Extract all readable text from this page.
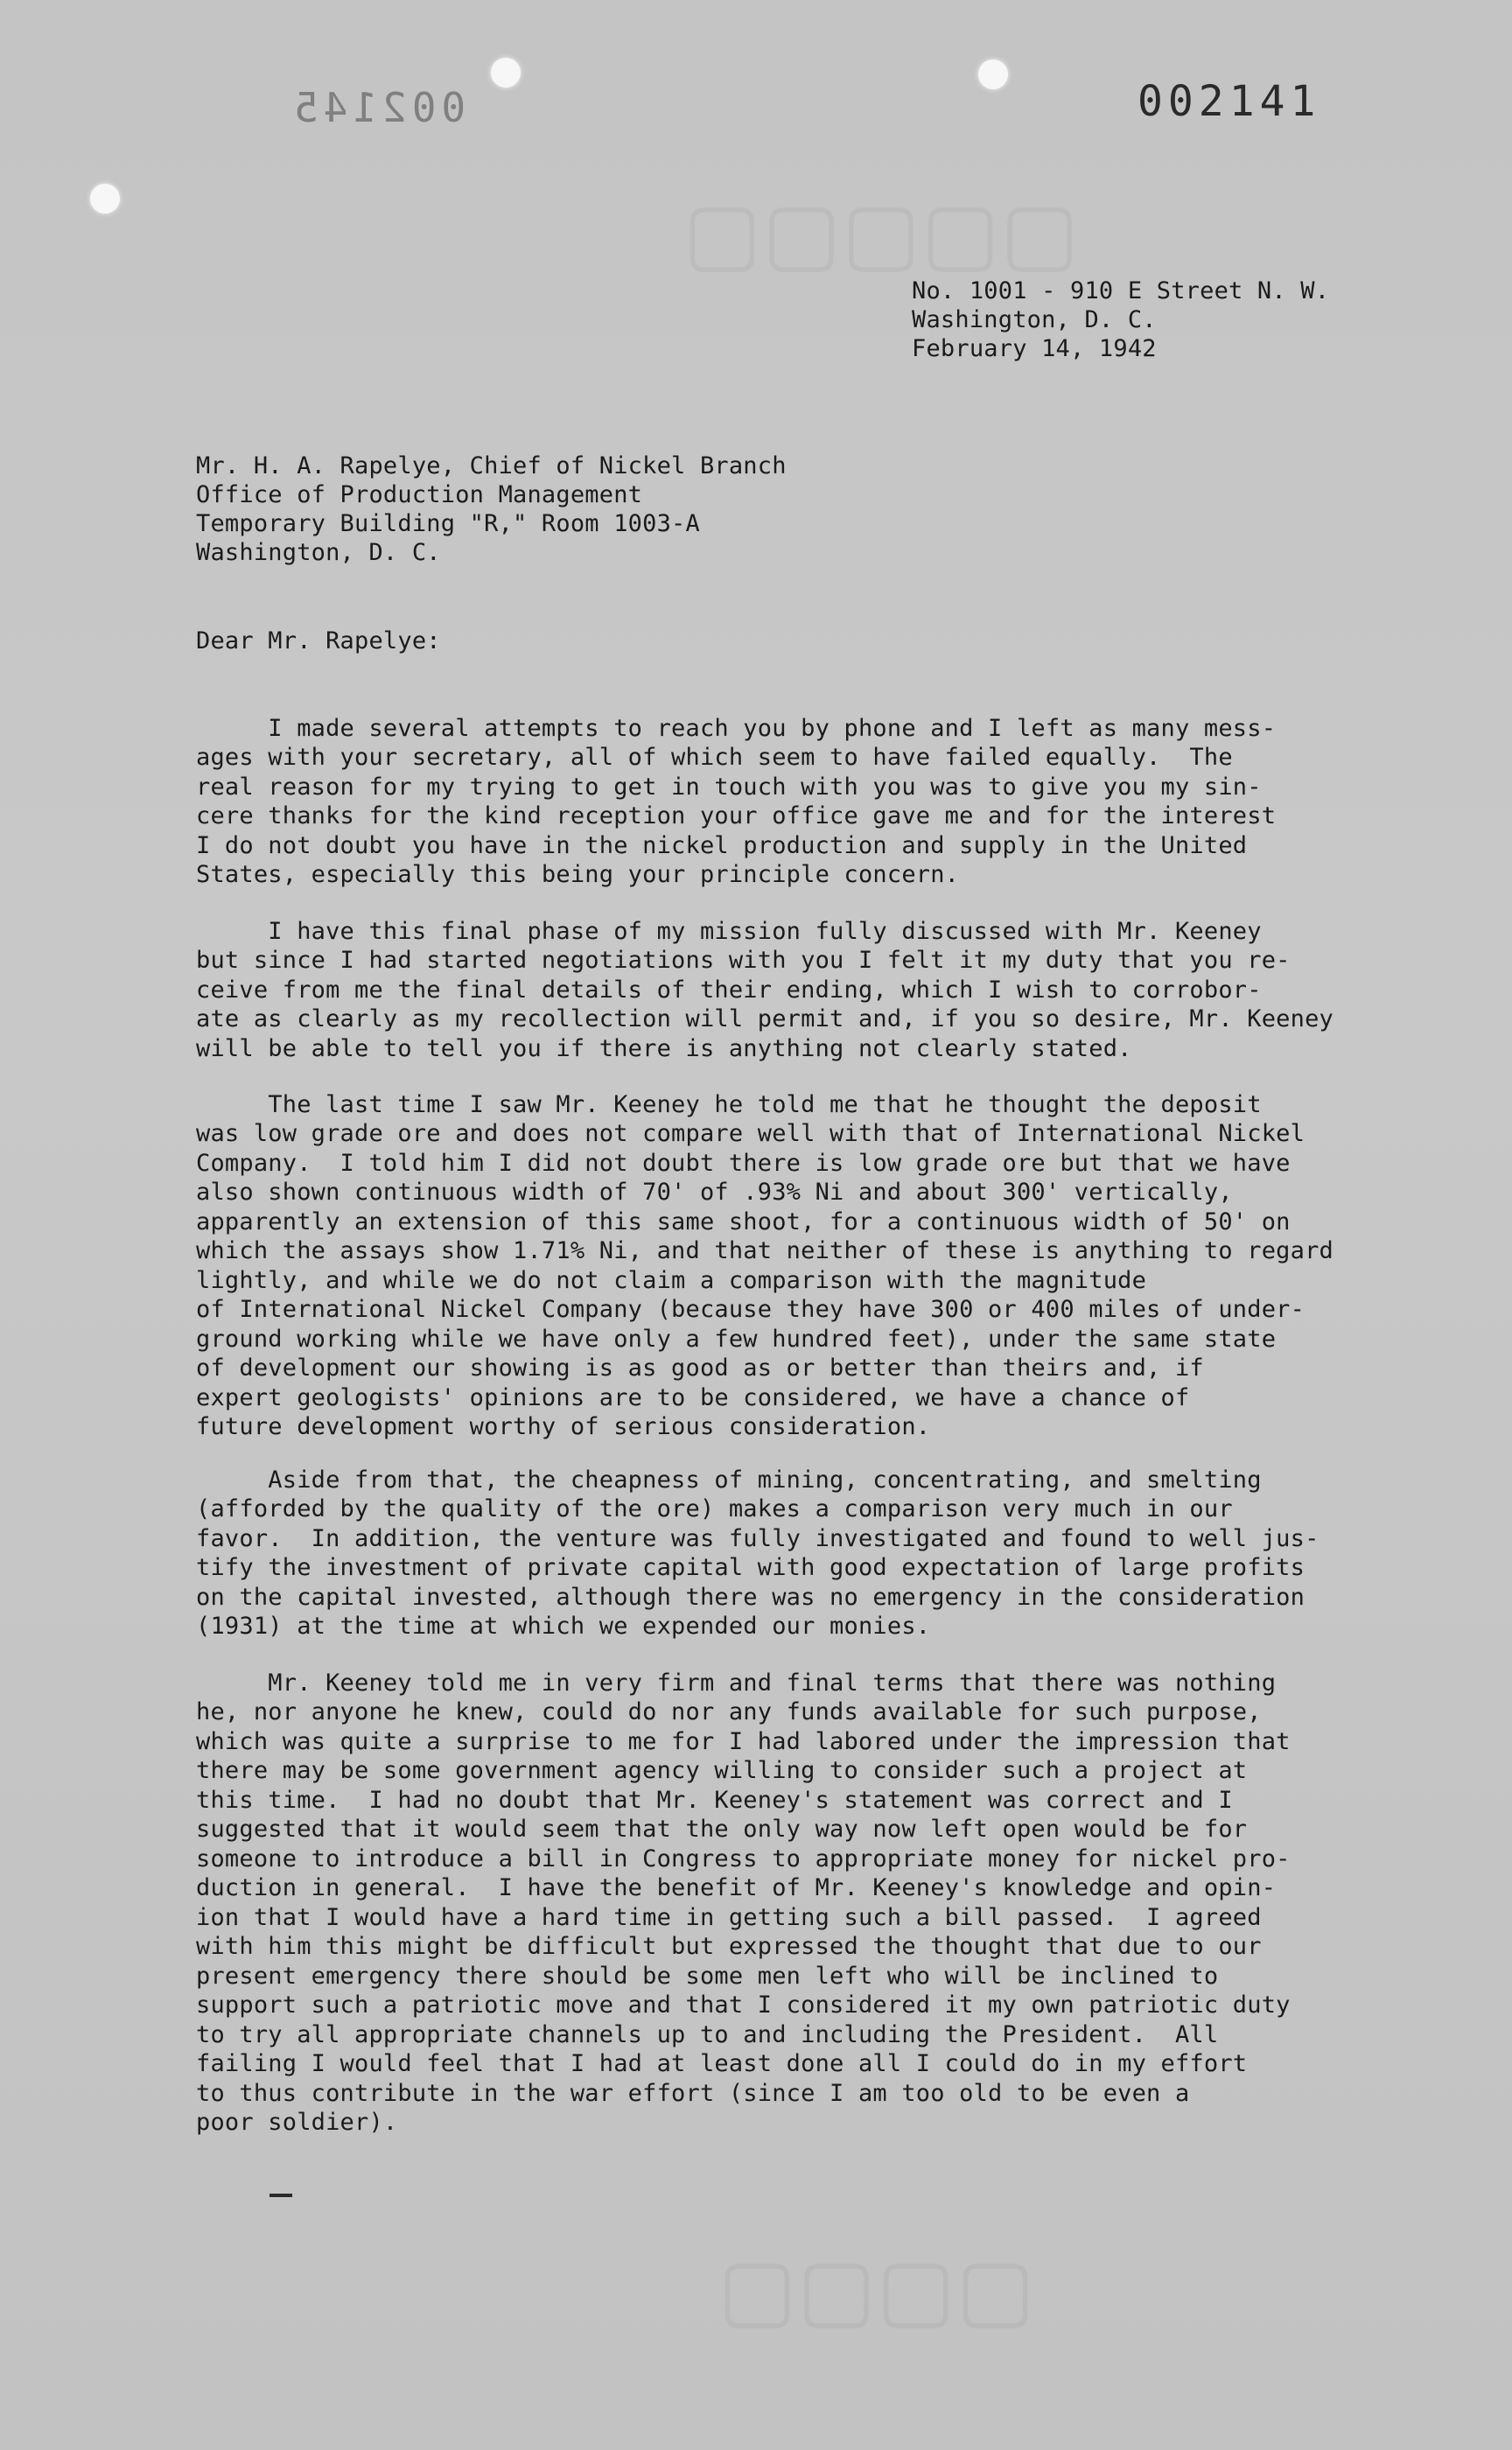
▢▢▢▢▢
▢▢▢▢
002145	002141
No. 1001 - 910 E Street N. W.
Washington, D. C.
February 14, 1942
Mr. H. A. Rapelye, Chief of Nickel Branch
Office of Production Management
Temporary Building "R," Room 1003-A
Washington, D. C.
Dear Mr. Rapelye:

I made several attempts to reach you by phone and I left as many mess-
ages with your secretary, all of which seem to have failed equally.  The
real reason for my trying to get in touch with you was to give you my sin-
cere thanks for the kind reception your office gave me and for the interest
I do not doubt you have in the nickel production and supply in the United
States, especially this being your principle concern.

I have this final phase of my mission fully discussed with Mr. Keeney
but since I had started negotiations with you I felt it my duty that you re-
ceive from me the final details of their ending, which I wish to corrobor-
ate as clearly as my recollection will permit and, if you so desire, Mr. Keeney
will be able to tell you if there is anything not clearly stated.

The last time I saw Mr. Keeney he told me that he thought the deposit
was low grade ore and does not compare well with that of International Nickel
Company.  I told him I did not doubt there is low grade ore but that we have
also shown continuous width of 70' of .93% Ni and about 300' vertically,
apparently an extension of this same shoot, for a continuous width of 50' on
which the assays show 1.71% Ni, and that neither of these is anything to regard
lightly, and while we do not claim a comparison with the magnitude
of International Nickel Company (because they have 300 or 400 miles of under-
ground working while we have only a few hundred feet), under the same state
of development our showing is as good as or better than theirs and, if
expert geologists' opinions are to be considered, we have a chance of
future development worthy of serious consideration.

Aside from that, the cheapness of mining, concentrating, and smelting
(afforded by the quality of the ore) makes a comparison very much in our
favor.  In addition, the venture was fully investigated and found to well jus-
tify the investment of private capital with good expectation of large profits
on the capital invested, although there was no emergency in the consideration
(1931) at the time at which we expended our monies.

Mr. Keeney told me in very firm and final terms that there was nothing
he, nor anyone he knew, could do nor any funds available for such purpose,
which was quite a surprise to me for I had labored under the impression that
there may be some government agency willing to consider such a project at
this time.  I had no doubt that Mr. Keeney's statement was correct and I
suggested that it would seem that the only way now left open would be for
someone to introduce a bill in Congress to appropriate money for nickel pro-
duction in general.  I have the benefit of Mr. Keeney's knowledge and opin-
ion that I would have a hard time in getting such a bill passed.  I agreed
with him this might be difficult but expressed the thought that due to our
present emergency there should be some men left who will be inclined to
support such a patriotic move and that I considered it my own patriotic duty
to try all appropriate channels up to and including the President.  All
failing I would feel that I had at least done all I could do in my effort
to thus contribute in the war effort (since I am too old to be even a
poor soldier).
